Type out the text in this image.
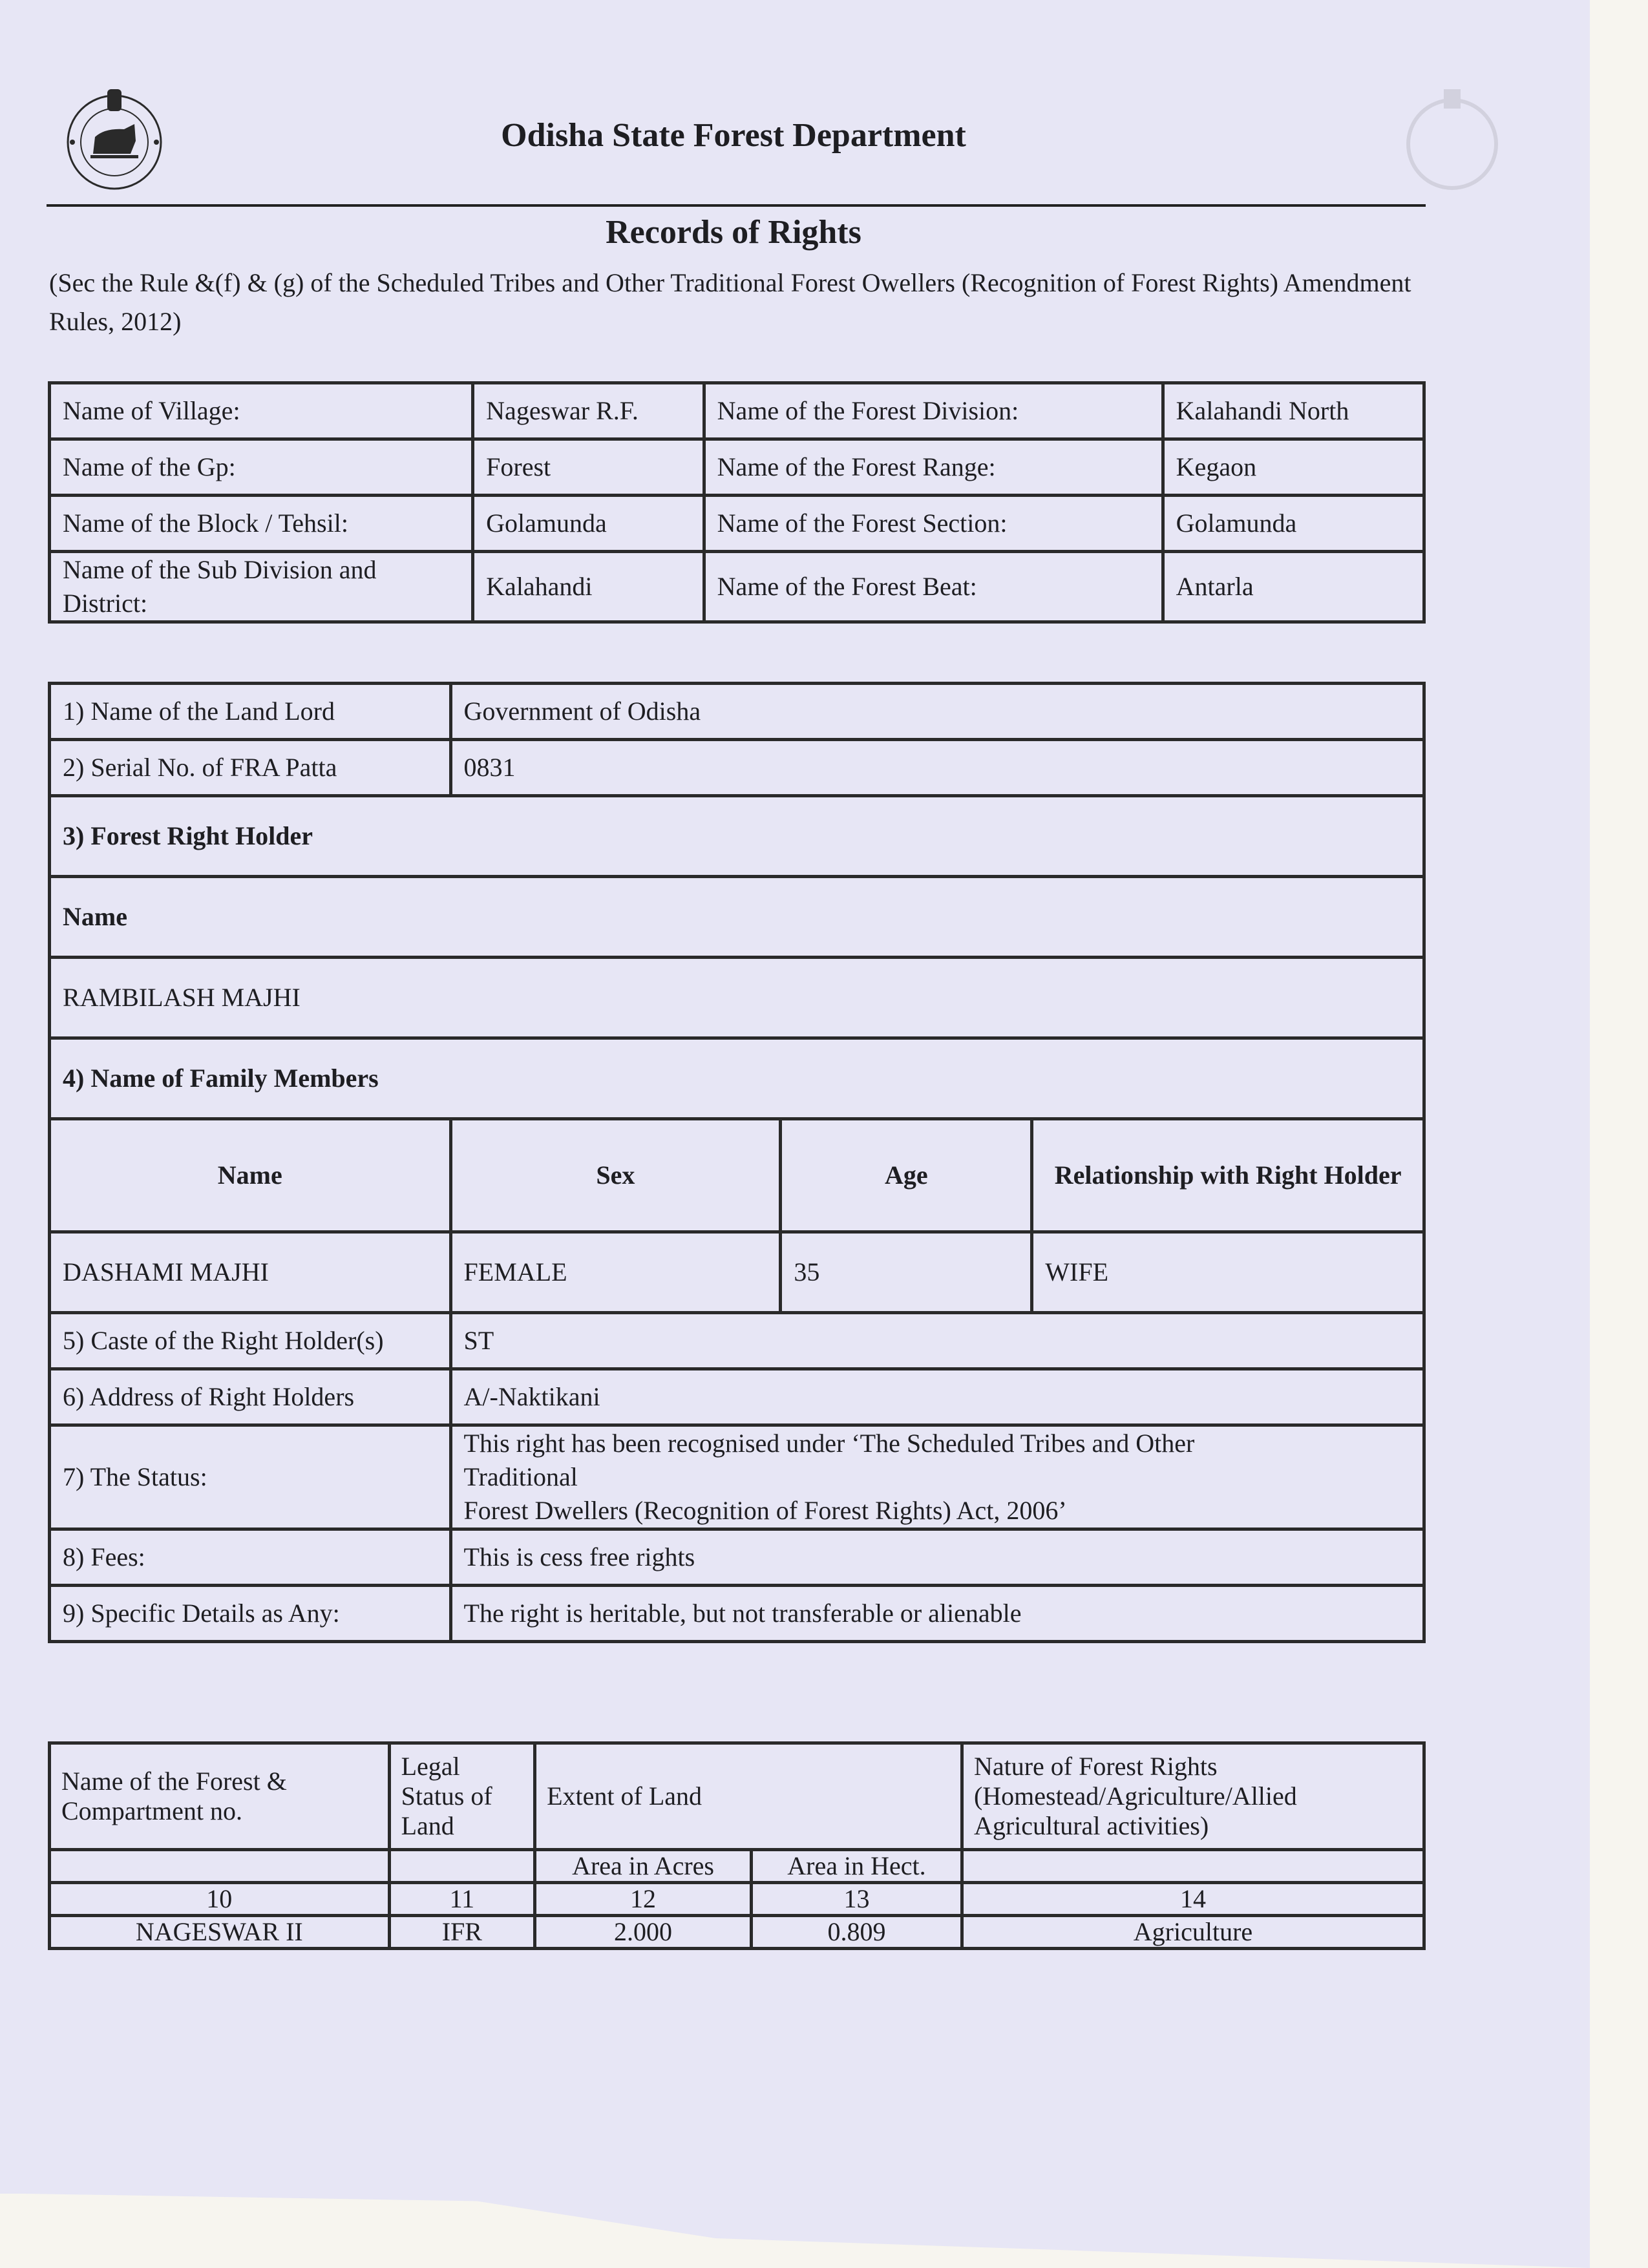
Odisha State Forest Department
Records of Rights
(Sec the Rule &(f) & (g) of the Scheduled Tribes and Other Traditional Forest Owellers (Recognition of Forest Rights) Amendment Rules, 2012)
Name of Village:	Nageswar R.F.	Name of the Forest Division:	Kalahandi North
Name of the Gp:	Forest	Name of the Forest Range:	Kegaon
Name of the Block / Tehsil:	Golamunda	Name of the Forest Section:	Golamunda
Name of the Sub Division and District:	Kalahandi	Name of the Forest Beat:	Antarla
1) Name of the Land Lord	Government of Odisha		
2) Serial No. of FRA Patta	0831		
3) Forest Right Holder			
Name			
RAMBILASH MAJHI			
4) Name of Family Members			
Name	Sex	Age	Relationship with Right Holder
DASHAMI MAJHI	FEMALE	35	WIFE
5) Caste of the Right Holder(s)	ST		
6) Address of Right Holders	A/-Naktikani		
7) The Status:	This right has been recognised under ‘The Scheduled Tribes and Other
Traditional
Forest Dwellers (Recognition of Forest Rights) Act, 2006’		

8) Fees:	This is cess free rights		
9) Specific Details as Any:	The right is heritable, but not transferable or alienable		
Name of the Forest & Compartment no.	Legal Status of Land	Extent of Land		Nature of Forest Rights (Homestead/Agriculture/Allied Agricultural activities)
		Area in Acres	Area in Hect.	
10	11	12	13	14
NAGESWAR II	IFR	2.000	0.809	Agriculture
